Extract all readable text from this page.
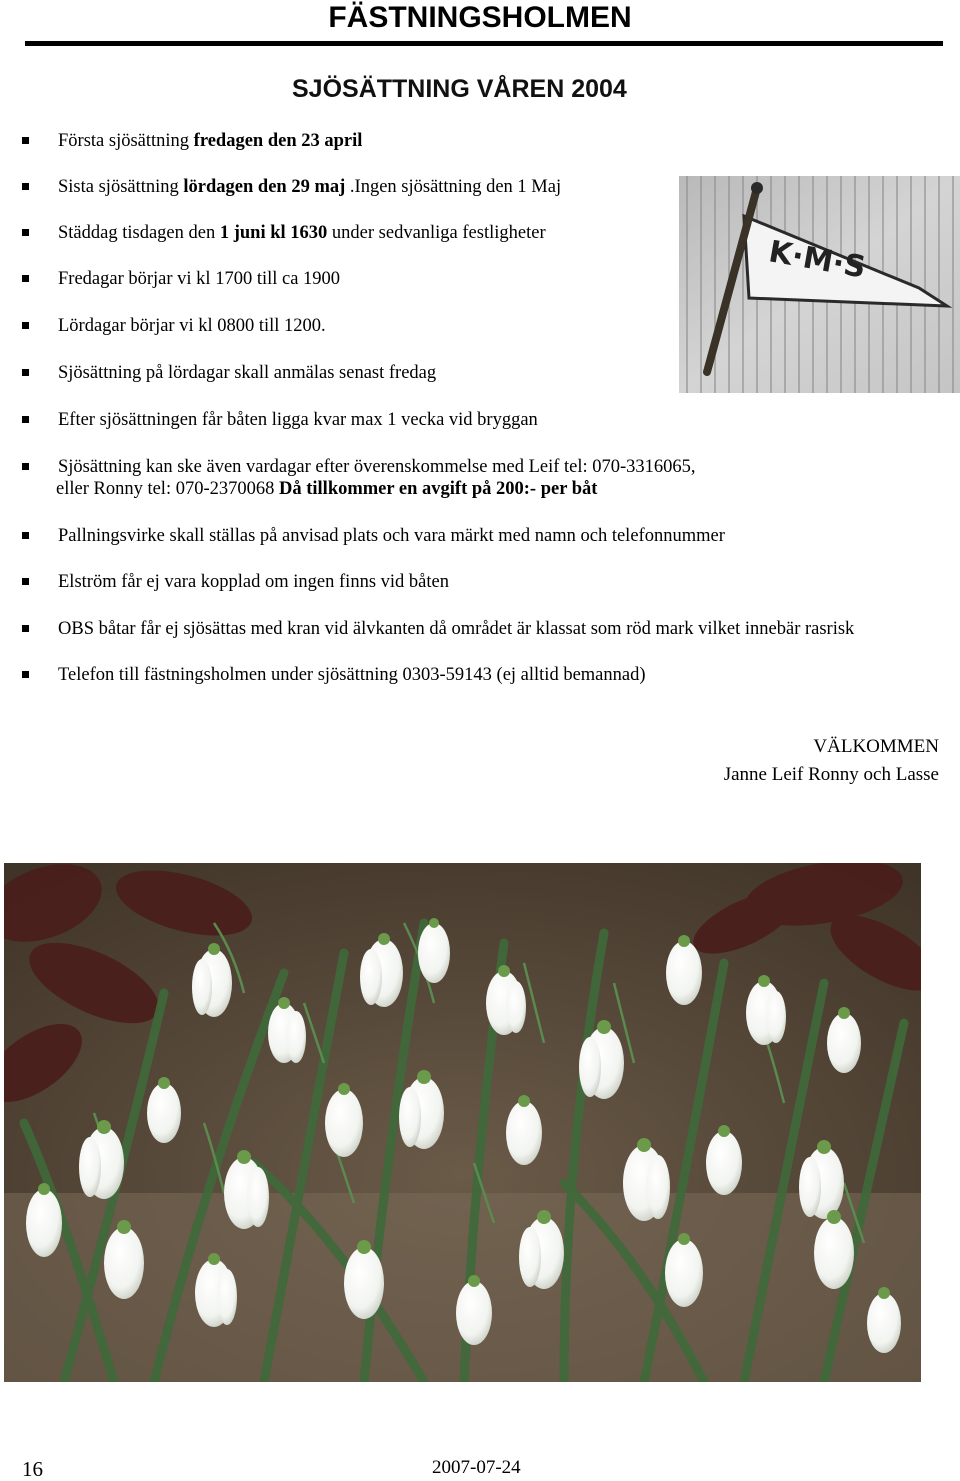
FÄSTNINGSHOLMEN
SJÖSÄTTNING VÅREN 2004
K·M·S
Första sjösättning fredagen den 23 april
Sista sjösättning lördagen den 29 maj .Ingen sjösättning den 1 Maj
Städdag tisdagen den 1 juni kl 1630 under sedvanliga festligheter
Fredagar börjar vi kl 1700 till ca 1900
Lördagar börjar vi kl 0800 till 1200.
Sjösättning på lördagar skall anmälas senast fredag
Efter sjösättningen får båten ligga kvar max 1 vecka vid bryggan
Sjösättning kan ske även vardagar efter överenskommelse med Leif tel: 070-3316065,
eller Ronny tel: 070-2370068 Då tillkommer en avgift på 200:- per båt
Pallningsvirke skall ställas på anvisad plats och vara märkt med namn och telefonnummer
Elström får ej vara kopplad om ingen finns vid båten
OBS båtar får ej sjösättas med kran vid älvkanten då området är klassat som röd mark vilket innebär rasrisk
Telefon till fästningsholmen under sjösättning 0303-59143 (ej alltid bemannad)
VÄLKOMMEN
Janne Leif Ronny och Lasse
16	2007-07-24
